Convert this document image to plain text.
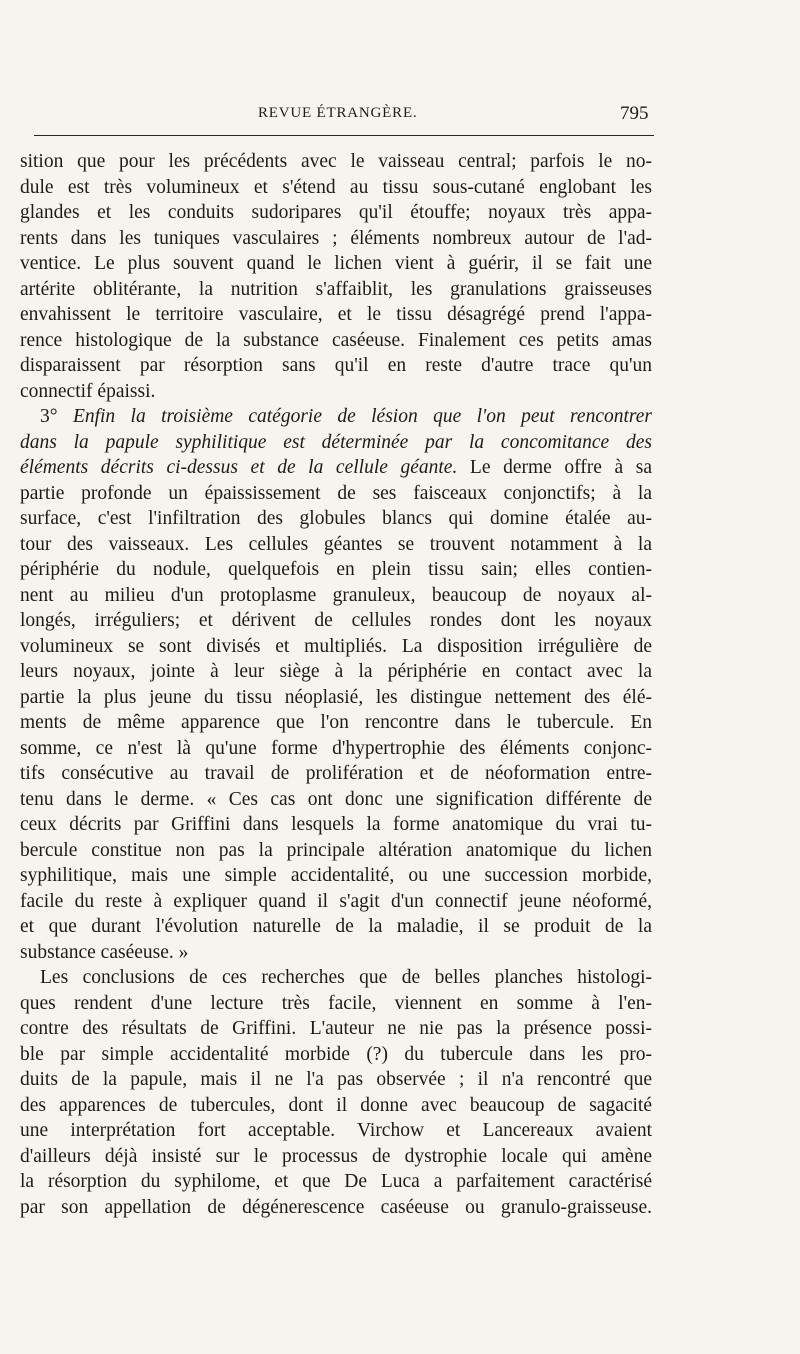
REVUE ÉTRANGÈRE.	795
sition que pour les précédents avec le vaisseau central; parfois le no-
dule est très volumineux et s'étend au tissu sous-cutané englobant les
glandes et les conduits sudoripares qu'il étouffe; noyaux très appa-
rents dans les tuniques vasculaires ; éléments nombreux autour de l'ad-
ventice. Le plus souvent quand le lichen vient à guérir, il se fait une
artérite oblitérante, la nutrition s'affaiblit, les granulations graisseuses
envahissent le territoire vasculaire, et le tissu désagrégé prend l'appa-
rence histologique de la substance caséeuse. Finalement ces petits amas
disparaissent par résorption sans qu'il en reste d'autre trace qu'un
connectif épaissi.
3° Enfin la troisième catégorie de lésion que l'on peut rencontrer
dans la papule syphilitique est déterminée par la concomitance des
éléments décrits ci-dessus et de la cellule géante. Le derme offre à sa
partie profonde un épaississement de ses faisceaux conjonctifs; à la
surface, c'est l'infiltration des globules blancs qui domine étalée au-
tour des vaisseaux. Les cellules géantes se trouvent notamment à la
périphérie du nodule, quelquefois en plein tissu sain; elles contien-
nent au milieu d'un protoplasme granuleux, beaucoup de noyaux al-
longés, irréguliers; et dérivent de cellules rondes dont les noyaux
volumineux se sont divisés et multipliés. La disposition irrégulière de
leurs noyaux, jointe à leur siège à la périphérie en contact avec la
partie la plus jeune du tissu néoplasié, les distingue nettement des élé-
ments de même apparence que l'on rencontre dans le tubercule. En
somme, ce n'est là qu'une forme d'hypertrophie des éléments conjonc-
tifs consécutive au travail de prolifération et de néoformation entre-
tenu dans le derme. « Ces cas ont donc une signification différente de
ceux décrits par Griffini dans lesquels la forme anatomique du vrai tu-
bercule constitue non pas la principale altération anatomique du lichen
syphilitique, mais une simple accidentalité, ou une succession morbide,
facile du reste à expliquer quand il s'agit d'un connectif jeune néoformé,
et que durant l'évolution naturelle de la maladie, il se produit de la
substance caséeuse. »
Les conclusions de ces recherches que de belles planches histologi-
ques rendent d'une lecture très facile, viennent en somme à l'en-
contre des résultats de Griffini. L'auteur ne nie pas la présence possi-
ble par simple accidentalité morbide (?) du tubercule dans les pro-
duits de la papule, mais il ne l'a pas observée ; il n'a rencontré que
des apparences de tubercules, dont il donne avec beaucoup de sagacité
une interprétation fort acceptable. Virchow et Lancereaux avaient
d'ailleurs déjà insisté sur le processus de dystrophie locale qui amène
la résorption du syphilome, et que De Luca a parfaitement caractérisé
par son appellation de dégénerescence caséeuse ou granulo-graisseuse.
